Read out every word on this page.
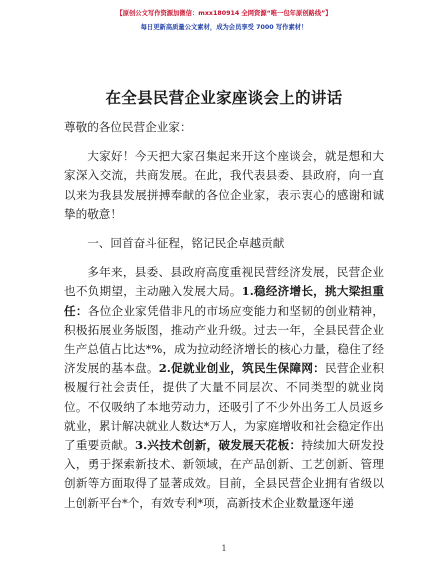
【原创公文写作资源加微信：mxx180914 全网资源“唯一包年原创路线”】
每日更新高质量公文素材，成为会员享受 7000 写作素材！
在全县民营企业家座谈会上的讲话

尊敬的各位民营企业家：

大家好！今天把大家召集起来开这个座谈会，就是想和大家深入交流，共商发展。在此，我代表县委、县政府，向一直以来为我县发展拼搏奉献的各位企业家，表示衷心的感谢和诚挚的敬意！

一、回首奋斗征程，铭记民企卓越贡献

多年来，县委、县政府高度重视民营经济发展，民营企业也不负期望，主动融入发展大局。1.稳经济增长，挑大梁担重任：各位企业家凭借非凡的市场应变能力和坚韧的创业精神，积极拓展业务版图，推动产业升级。过去一年，全县民营企业生产总值占比达*%，成为拉动经济增长的核心力量，稳住了经济发展的基本盘。2.促就业创业，筑民生保障网：民营企业积极履行社会责任，提供了大量不同层次、不同类型的就业岗位。不仅吸纳了本地劳动力，还吸引了不少外出务工人员返乡就业，累计解决就业人数达*万人，为家庭增收和社会稳定作出了重要贡献。3.兴技术创新，破发展天花板：持续加大研发投入，勇于探索新技术、新领域，在产品创新、工艺创新、管理创新等方面取得了显著成效。目前，全县民营企业拥有省级以上创新平台*个，有效专利*项，高新技术企业数量逐年递

1
